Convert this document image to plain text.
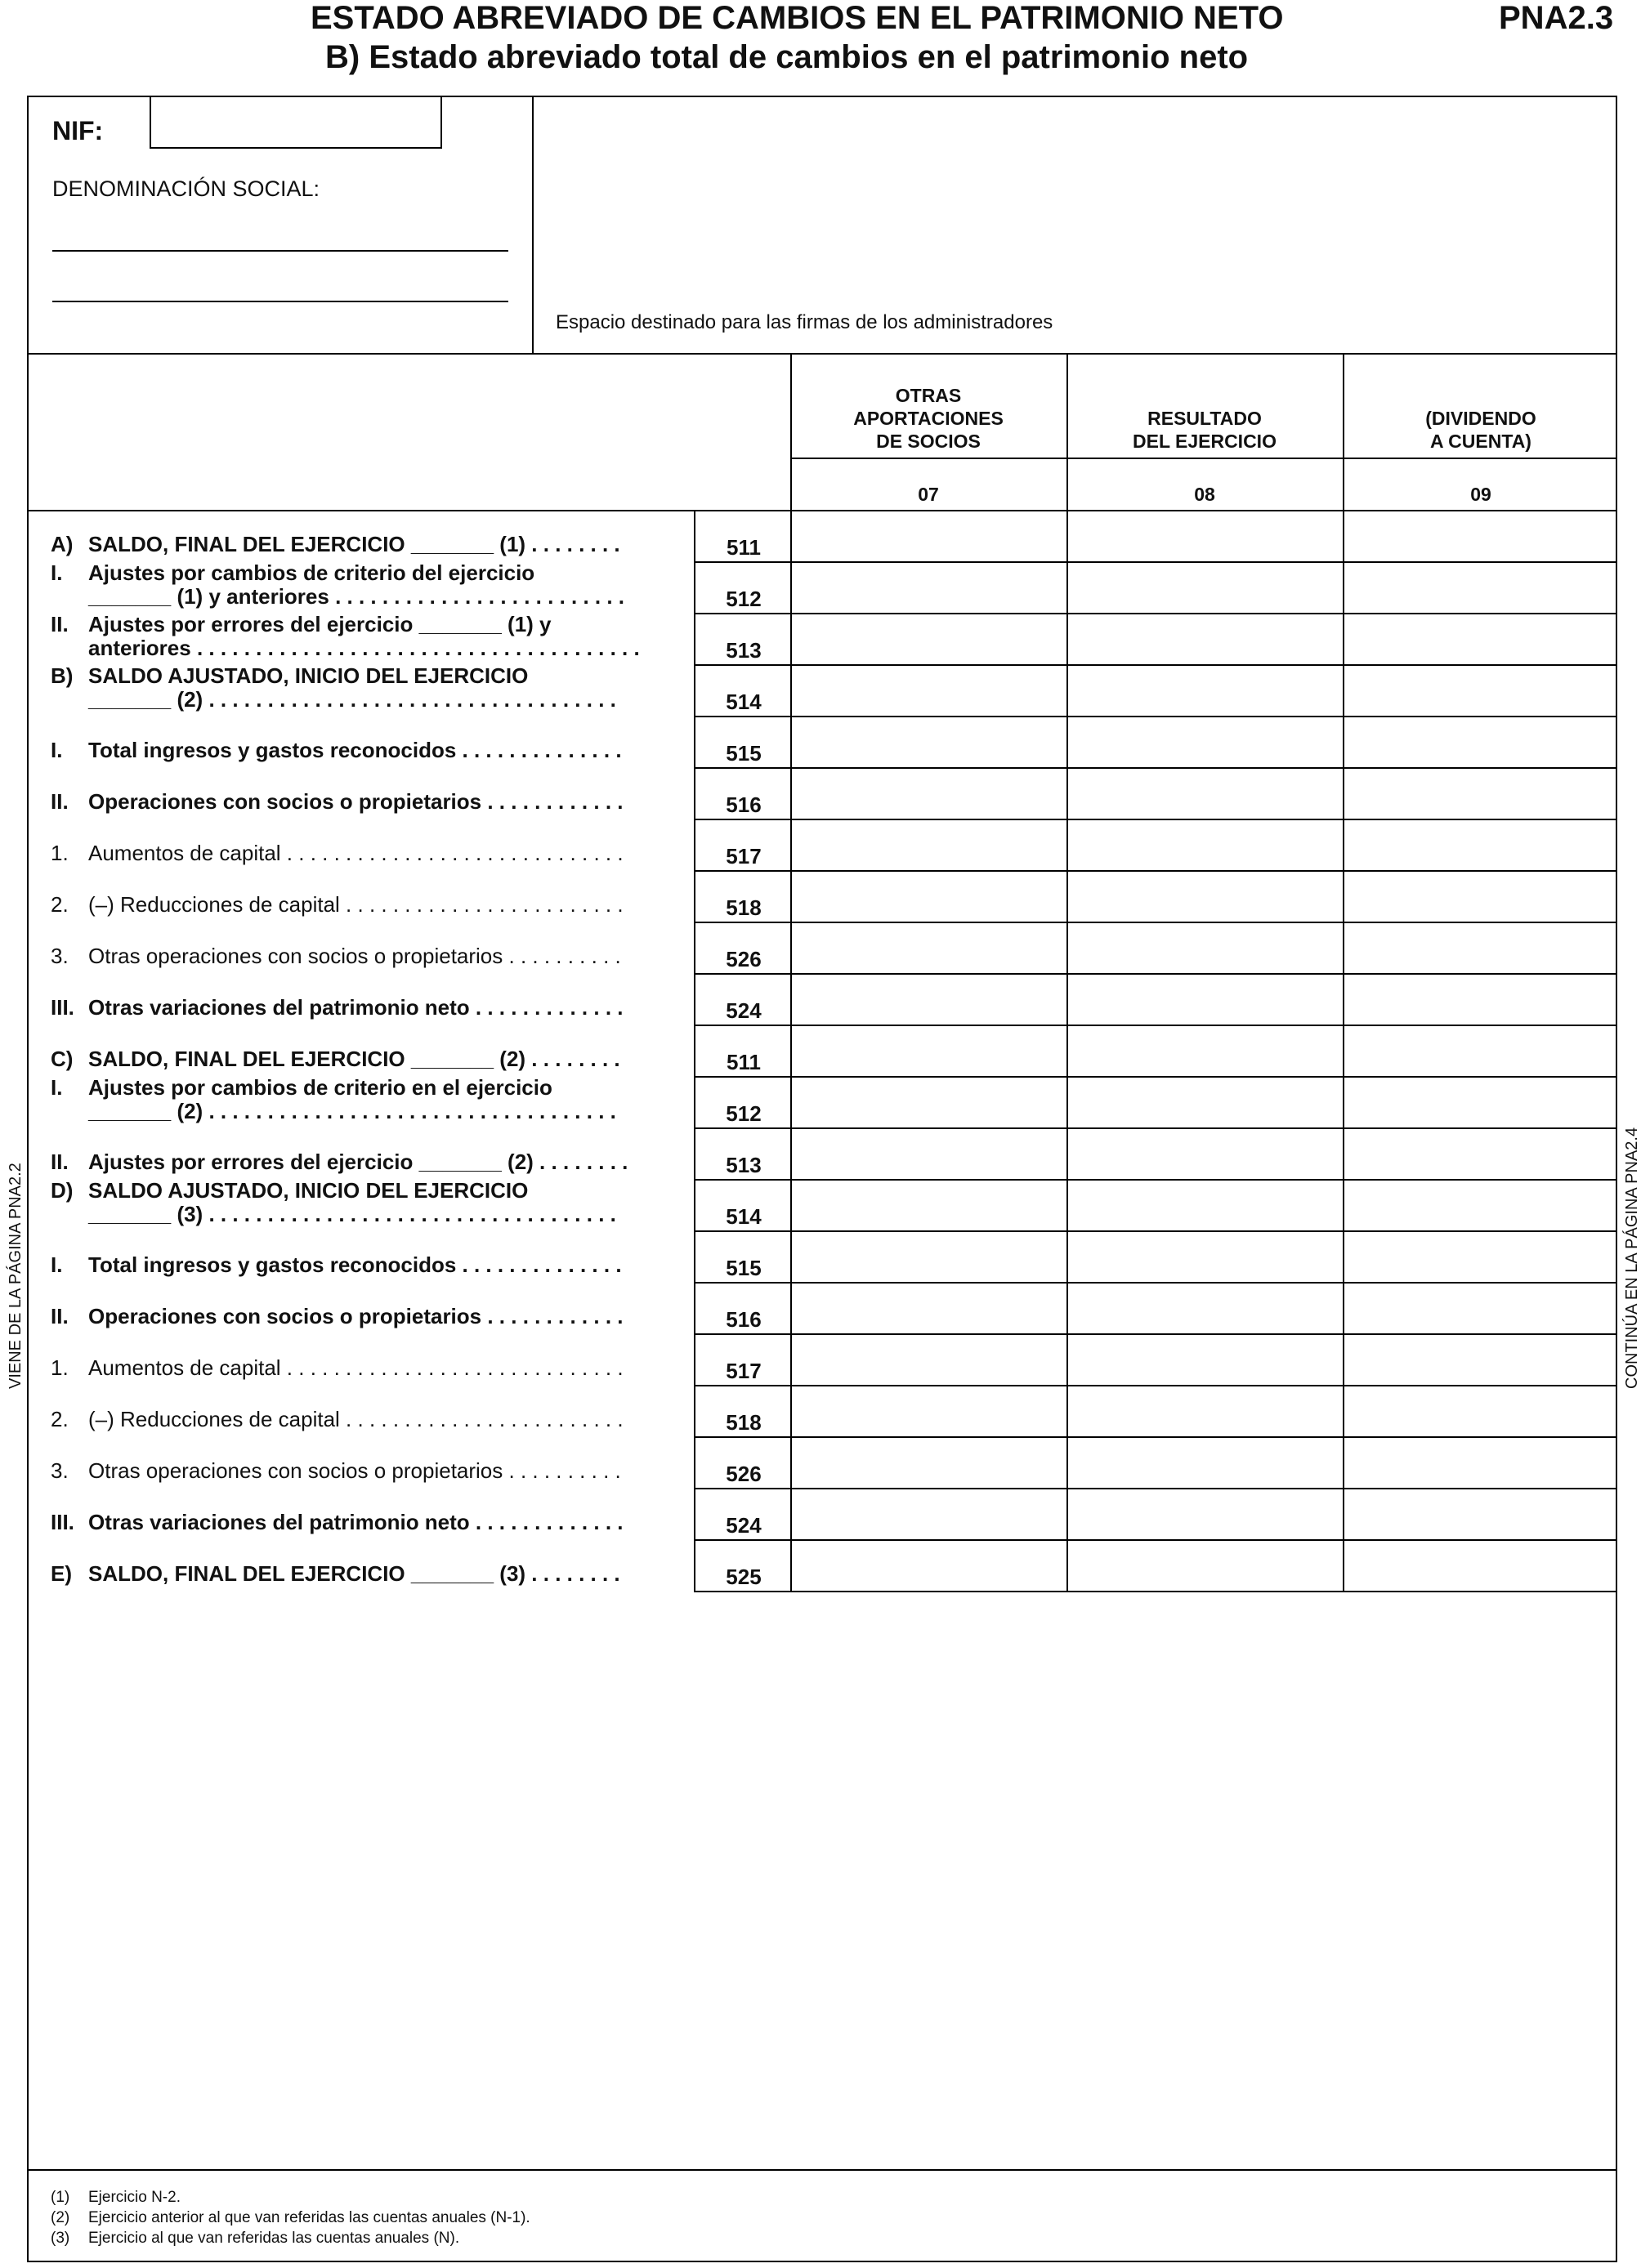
ESTADO ABREVIADO DE CAMBIOS EN EL PATRIMONIO NETO
B) Estado abreviado total de cambios en el patrimonio neto
PNA2.3
NIF:
DENOMINACIÓN SOCIAL:
Espacio destinado para las firmas de los administradores
OTRAS
APORTACIONES
DE SOCIOS
07
RESULTADO
DEL EJERCICIO
08
(DIVIDENDO
A CUENTA)
09
A) SALDO, FINAL DEL EJERCICIO _______ (1) . . . . . . . .	511
I. Ajustes por cambios de criterio del ejercicio
_______ (1) y anteriores . . . . . . . . . . . . . . . . . . . . . . . . .	512
II. Ajustes por errores del ejercicio _______ (1) y
anteriores . . . . . . . . . . . . . . . . . . . . . . . . . . . . . . . . . . . . . .	513
B) SALDO AJUSTADO, INICIO DEL EJERCICIO
_______ (2) . . . . . . . . . . . . . . . . . . . . . . . . . . . . . . . . . . .	514
I. Total ingresos y gastos reconocidos . . . . . . . . . . . . . .	515
II. Operaciones con socios o propietarios . . . . . . . . . . . .	516
1. Aumentos de capital . . . . . . . . . . . . . . . . . . . . . . . . . . . . .	517
2. (–) Reducciones de capital . . . . . . . . . . . . . . . . . . . . . . . .	518
3. Otras operaciones con socios o propietarios . . . . . . . . . .	526
III. Otras variaciones del patrimonio neto . . . . . . . . . . . . .	524
C) SALDO, FINAL DEL EJERCICIO _______ (2) . . . . . . . .	511
I. Ajustes por cambios de criterio en el ejercicio
_______ (2) . . . . . . . . . . . . . . . . . . . . . . . . . . . . . . . . . . .	512
II. Ajustes por errores del ejercicio _______ (2) . . . . . . . .	513
D) SALDO AJUSTADO, INICIO DEL EJERCICIO
_______ (3) . . . . . . . . . . . . . . . . . . . . . . . . . . . . . . . . . . .	514
I. Total ingresos y gastos reconocidos . . . . . . . . . . . . . .	515
II. Operaciones con socios o propietarios . . . . . . . . . . . .	516
1. Aumentos de capital . . . . . . . . . . . . . . . . . . . . . . . . . . . . .	517
2. (–) Reducciones de capital . . . . . . . . . . . . . . . . . . . . . . . .	518
3. Otras operaciones con socios o propietarios . . . . . . . . . .	526
III. Otras variaciones del patrimonio neto . . . . . . . . . . . . .	524
E) SALDO, FINAL DEL EJERCICIO _______ (3) . . . . . . . .	525
VIENE DE LA PÁGINA PNA2.2	CONTINÚA EN LA PÁGINA PNA2.4
(1) Ejercicio N-2.
(2) Ejercicio anterior al que van referidas las cuentas anuales (N-1).
(3) Ejercicio al que van referidas las cuentas anuales (N).
